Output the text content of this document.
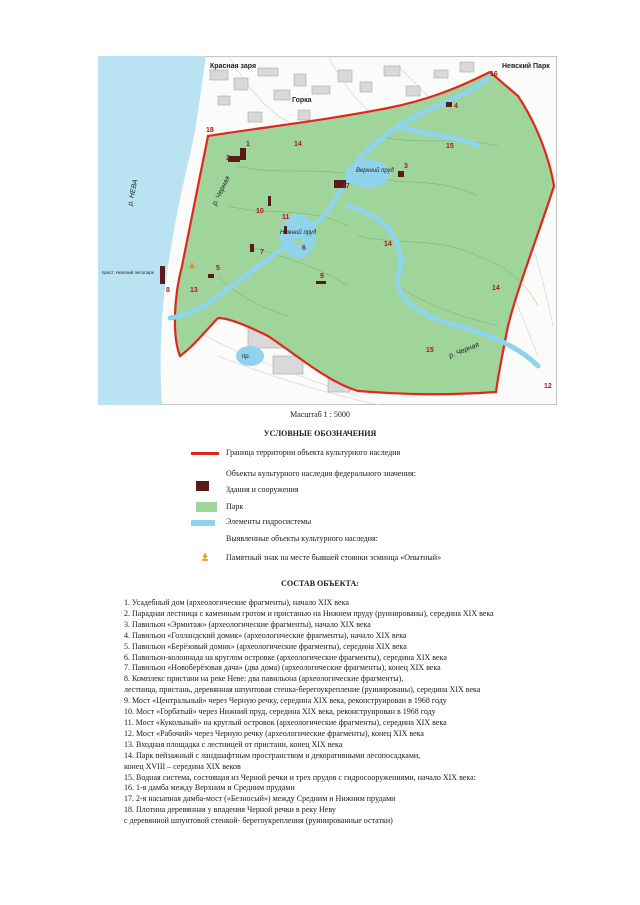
1
2
3
4
5
6
7
8
9
10
11
12
13
14
14
14
15
15
16
17
18
Красная заря	Невский Парк
Горка
р. НЕВА	р. Черная
р. Черная
Верхний пруд
Нижний пруд
прист. Невский лесопарк
пр.
Масштаб 1 : 5000
УСЛОВНЫЕ ОБОЗНАЧЕНИЯ
Граница территории объекта культурного наследия
Объекты культурного наследия федерального значения:
Здания и сооружения
Парк
Элементы гидросистемы
Выявленные объекты культурного наследия:
Памятный знак на месте бывшей стоянки эсминца «Опытный»
СОСТАВ ОБЪЕКТА:
1. Усадебный дом (археологические фрагменты), начало XIX века
2. Парадная лестница с каменным гротом и пристанью на Нижнем пруду (руинированы), середина XIX века
3. Павильон «Эрмитаж» (археологические фрагменты), начало XIX века
4. Павильон «Голландский домик» (археологические фрагменты), начало XIX века
5. Павильон «Берёзовый домик» (археологические фрагменты), середина XIX века
6. Павильон-колоннада на круглом островке (археологические фрагменты), середина XIX века
7. Павильон «Новоберёзовая дача» (два дома) (археологические фрагменты), конец XIX века
8. Комплекс пристани на реке Неве: два павильона (археологические фрагменты),
лестница, пристань, деревянная шпунтовая стенка-берегоукрепление (руинированы), середина XIX века
9. Мост «Центральный» через Черную речку, середина XIX века, реконструирован в 1968 году
10. Мост «Горбатый» через Нижний пруд, середина XIX века, реконструирован в 1968 году
11. Мост «Кукольный» на круглый островок (археологические фрагменты), середина XIX века
12. Мост «Рабочий» через Черную речку (археологические фрагменты), конец XIX века
13. Входная площадка с лестницей от пристани, конец XIX века
14. Парк пейзажный с ландшафтным пространством и декоративными лесопосадками,
конец XVIII – середина XIX веков
15. Водная система, состоящая из Черной речки и трех прудов с гидросооружениями, начало XIX века:
16. 1-я дамба между Верхним и Средним прудами
17. 2-я насыпная дамба-мост («Безносый») между Средним и Нижним прудами
18. Плотина деревянная у впадения Черной речки в реку Неву
с деревянной шпунтовой стенкой- берегоукрепления (руинированные остатки)
